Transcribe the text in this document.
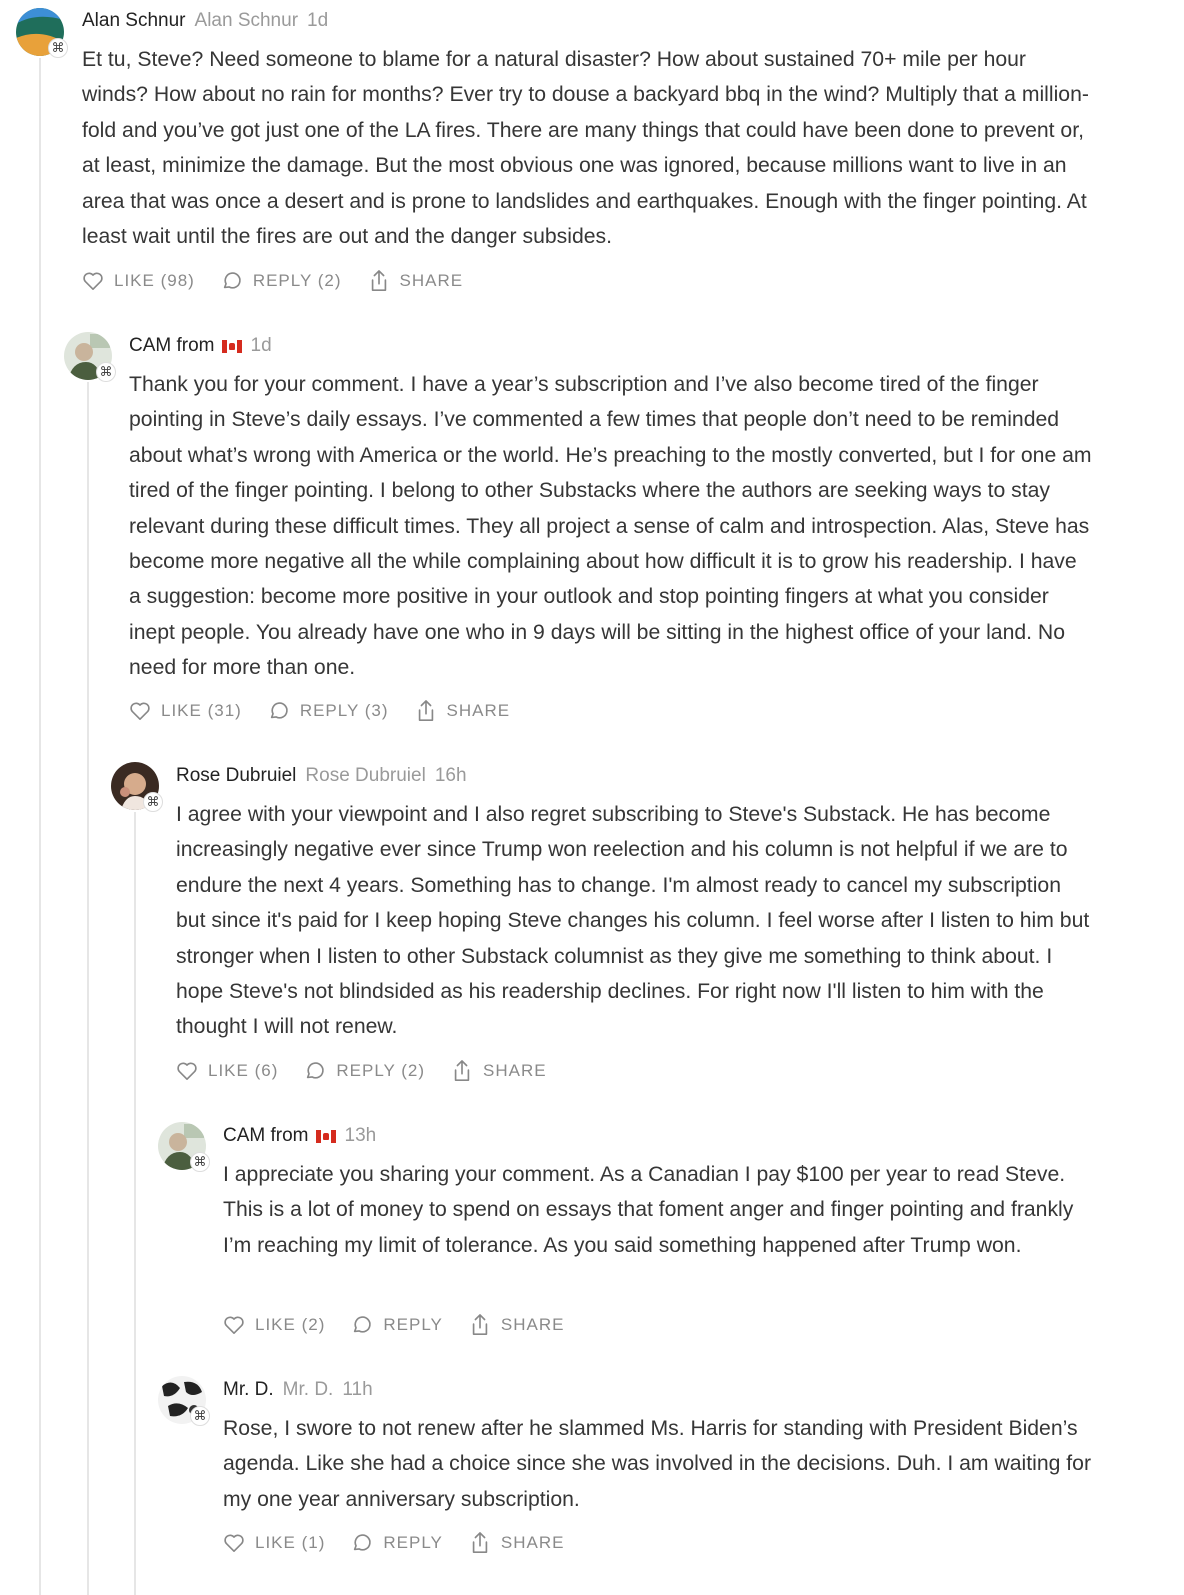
⌘
Alan Schnur Alan Schnur 1d

Et tu, Steve? Need someone to blame for a natural disaster? How about sustained 70+ mile per hour winds? How about no rain for months? Ever try to douse a backyard bbq in the wind? Multiply that a million-fold and you’ve got just one of the LA fires. There are many things that could have been done to prevent or, at least, minimize the damage. But the most obvious one was ignored, because millions want to live in an area that was once a desert and is prone to landslides and earthquakes. Enough with the finger pointing. At least wait until the fires are out and the danger subsides.

LIKE (98)	REPLY (2)	SHARE
⌘
CAM from 1d

Thank you for your comment. I have a year’s subscription and I’ve also become tired of the finger pointing in Steve’s daily essays. I’ve commented a few times that people don’t need to be reminded about what’s wrong with America or the world. He’s preaching to the mostly converted, but I for one am tired of the finger pointing. I belong to other Substacks where the authors are seeking ways to stay relevant during these difficult times. They all project a sense of calm and introspection. Alas, Steve has become more negative all the while complaining about how difficult it is to grow his readership. I have a suggestion: become more positive in your outlook and stop pointing fingers at what you consider inept people. You already have one who in 9 days will be sitting in the highest office of your land. No need for more than one.

LIKE (31)	REPLY (3)	SHARE
⌘
Rose Dubruiel Rose Dubruiel 16h

I agree with your viewpoint and I also regret subscribing to Steve's Substack. He has become increasingly negative ever since Trump won reelection and his column is not helpful if we are to endure the next 4 years. Something has to change. I'm almost ready to cancel my subscription but since it's paid for I keep hoping Steve changes his column. I feel worse after I listen to him but stronger when I listen to other Substack columnist as they give me something to think about. I hope Steve's not blindsided as his readership declines. For right now I'll listen to him with the thought I will not renew.

LIKE (6)	REPLY (2)	SHARE
⌘
CAM from 13h

I appreciate you sharing your comment. As a Canadian I pay $100 per year to read Steve. This is a lot of money to spend on essays that foment anger and finger pointing and frankly I’m reaching my limit of tolerance. As you said something happened after Trump won.

LIKE (2)	REPLY	SHARE
⌘
Mr. D. Mr. D. 11h

Rose, I swore to not renew after he slammed Ms. Harris for standing with President Biden’s agenda. Like she had a choice since she was involved in the decisions. Duh. I am waiting for my one year anniversary subscription.

LIKE (1)	REPLY	SHARE
